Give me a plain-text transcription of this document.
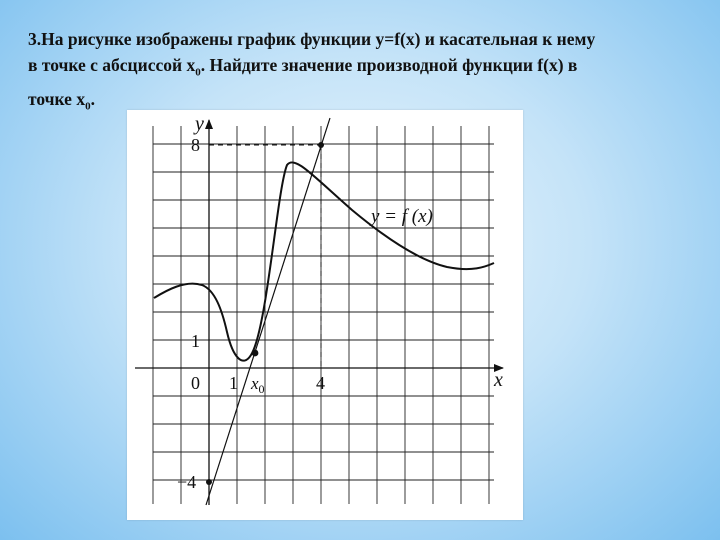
3.На рисунке изображены график функции y=f(x) и касательная к нему
в точке с абсциссой $x_0$. Найдите значение производной функции f(x) в
точке $x_0$.
x
y
0 1 $x_0$	4
1
8
−4
y = f (x)
